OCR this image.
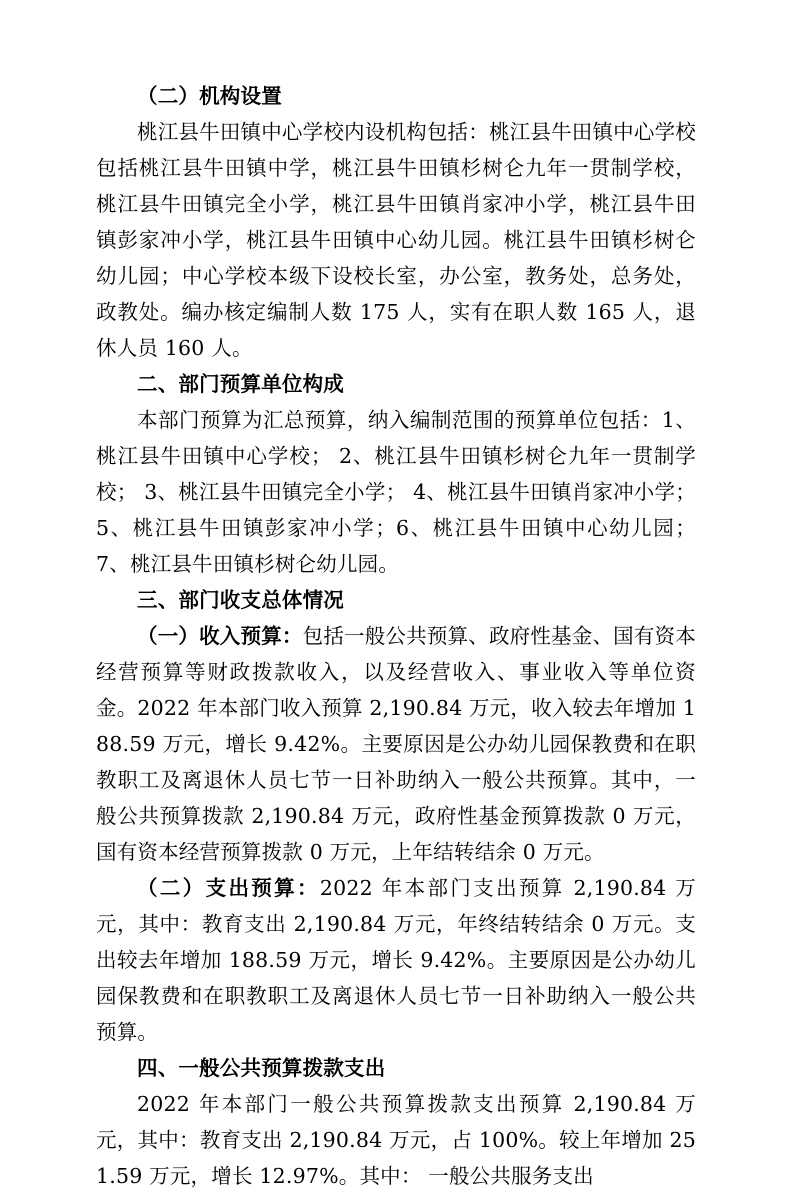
（二）机构设置
桃江县牛田镇中心学校内设机构包括：桃江县牛田镇中心学校包括桃江县牛田镇中学，桃江县牛田镇杉树仑九年一贯制学校，桃江县牛田镇完全小学，桃江县牛田镇肖家冲小学，桃江县牛田镇彭家冲小学，桃江县牛田镇中心幼儿园。桃江县牛田镇杉树仑幼儿园；中心学校本级下设校长室，办公室，教务处，总务处，政教处。编办核定编制人数 175 人，实有在职人数 165 人，退休人员 160 人。
二、部门预算单位构成
本部门预算为汇总预算，纳入编制范围的预算单位包括：1、桃江县牛田镇中心学校； 2、桃江县牛田镇杉树仑九年一贯制学校； 3、桃江县牛田镇完全小学； 4、桃江县牛田镇肖家冲小学； 5、桃江县牛田镇彭家冲小学；6、桃江县牛田镇中心幼儿园； 7、桃江县牛田镇杉树仑幼儿园。
三、部门收支总体情况
（一）收入预算：包括一般公共预算、政府性基金、国有资本经营预算等财政拨款收入，以及经营收入、事业收入等单位资金。2022 年本部门收入预算 2,190.84 万元，收入较去年增加 188.59 万元，增长 9.42%。主要原因是公办幼儿园保教费和在职教职工及离退休人员七节一日补助纳入一般公共预算。其中，一般公共预算拨款 2,190.84 万元，政府性基金预算拨款 0 万元，国有资本经营预算拨款 0 万元，上年结转结余 0 万元。
（二）支出预算：2022 年本部门支出预算 2,190.84 万元，其中：教育支出 2,190.84 万元，年终结转结余 0 万元。支出较去年增加 188.59 万元，增长 9.42%。主要原因是公办幼儿园保教费和在职教职工及离退休人员七节一日补助纳入一般公共预算。
四、一般公共预算拨款支出
2022 年本部门一般公共预算拨款支出预算 2,190.84 万元，其中：教育支出 2,190.84 万元，占 100%。较上年增加 251.59 万元，增长 12.97%。其中： 一般公共服务支出
